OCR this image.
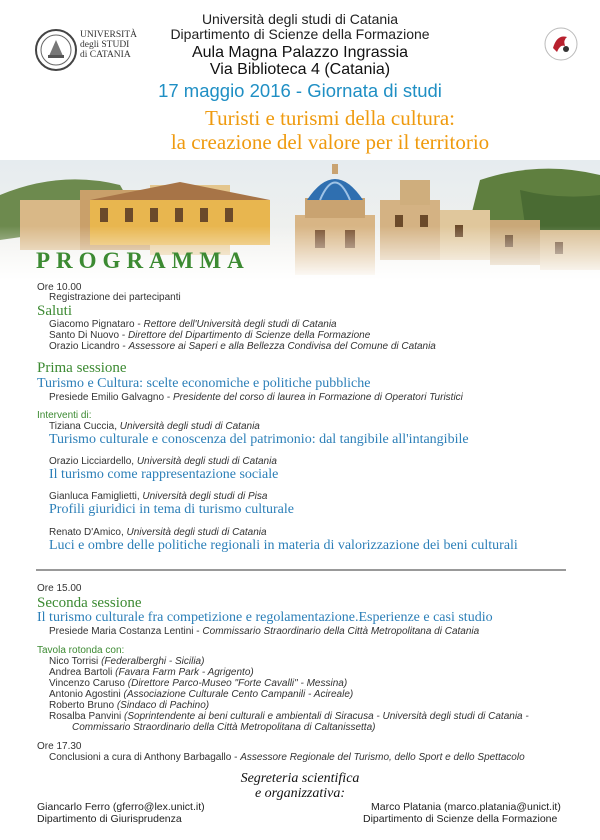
UNIVERSITÀ
degli STUDI
di CATANIA
Università degli studi di Catania
Dipartimento di Scienze della Formazione
Aula Magna Palazzo Ingrassia
Via Biblioteca 4 (Catania)
17 maggio 2016 - Giornata di studi
Turisti e turismi della cultura:
la creazione del valore per il territorio
PROGRAMMA
Ore 10.00
Registrazione dei partecipanti
Saluti
Giacomo Pignataro - Rettore dell'Università degli studi di Catania
Santo Di Nuovo - Direttore del Dipartimento di Scienze della Formazione
Orazio Licandro - Assessore ai Saperi e alla Bellezza Condivisa del Comune di Catania
Prima sessione
Turismo e Cultura: scelte economiche e politiche pubbliche
Presiede Emilio Galvagno - Presidente del corso di laurea in Formazione di Operatori Turistici
Interventi di:
Tiziana Cuccia, Università degli studi di Catania
Turismo culturale e conoscenza del patrimonio: dal tangibile all'intangibile
Orazio Licciardello, Università degli studi di Catania
Il turismo come rappresentazione sociale
Gianluca Famiglietti, Università degli studi di Pisa
Profili giuridici in tema di turismo culturale
Renato D'Amico, Università degli studi di Catania
Luci e ombre delle politiche regionali in materia di valorizzazione dei beni culturali
Ore 15.00
Seconda sessione
Il turismo culturale fra competizione e regolamentazione.Esperienze e casi studio
Presiede Maria Costanza Lentini - Commissario Straordinario della Città Metropolitana di Catania
Tavola rotonda con:
Nico Torrisi (Federalberghi - Sicilia)
Andrea Bartoli (Favara Farm Park - Agrigento)
Vincenzo Caruso (Direttore Parco-Museo "Forte Cavalli" - Messina)
Antonio Agostini (Associazione Culturale Cento Campanili - Acireale)
Roberto Bruno (Sindaco di Pachino)
Rosalba Panvini (Soprintendente ai beni culturali e ambientali di Siracusa - Università degli studi di Catania -
Commissario Straordinario della Città Metropolitana di Caltanissetta)
Ore 17.30
Conclusioni a cura di Anthony Barbagallo - Assessore Regionale del Turismo, dello Sport e dello Spettacolo
Segreteria scientifica
e organizzativa:
Giancarlo Ferro (gferro@lex.unict.it)
Dipartimento di Giurisprudenza
Marco Platania (marco.platania@unict.it)
Dipartimento di Scienze della Formazione
